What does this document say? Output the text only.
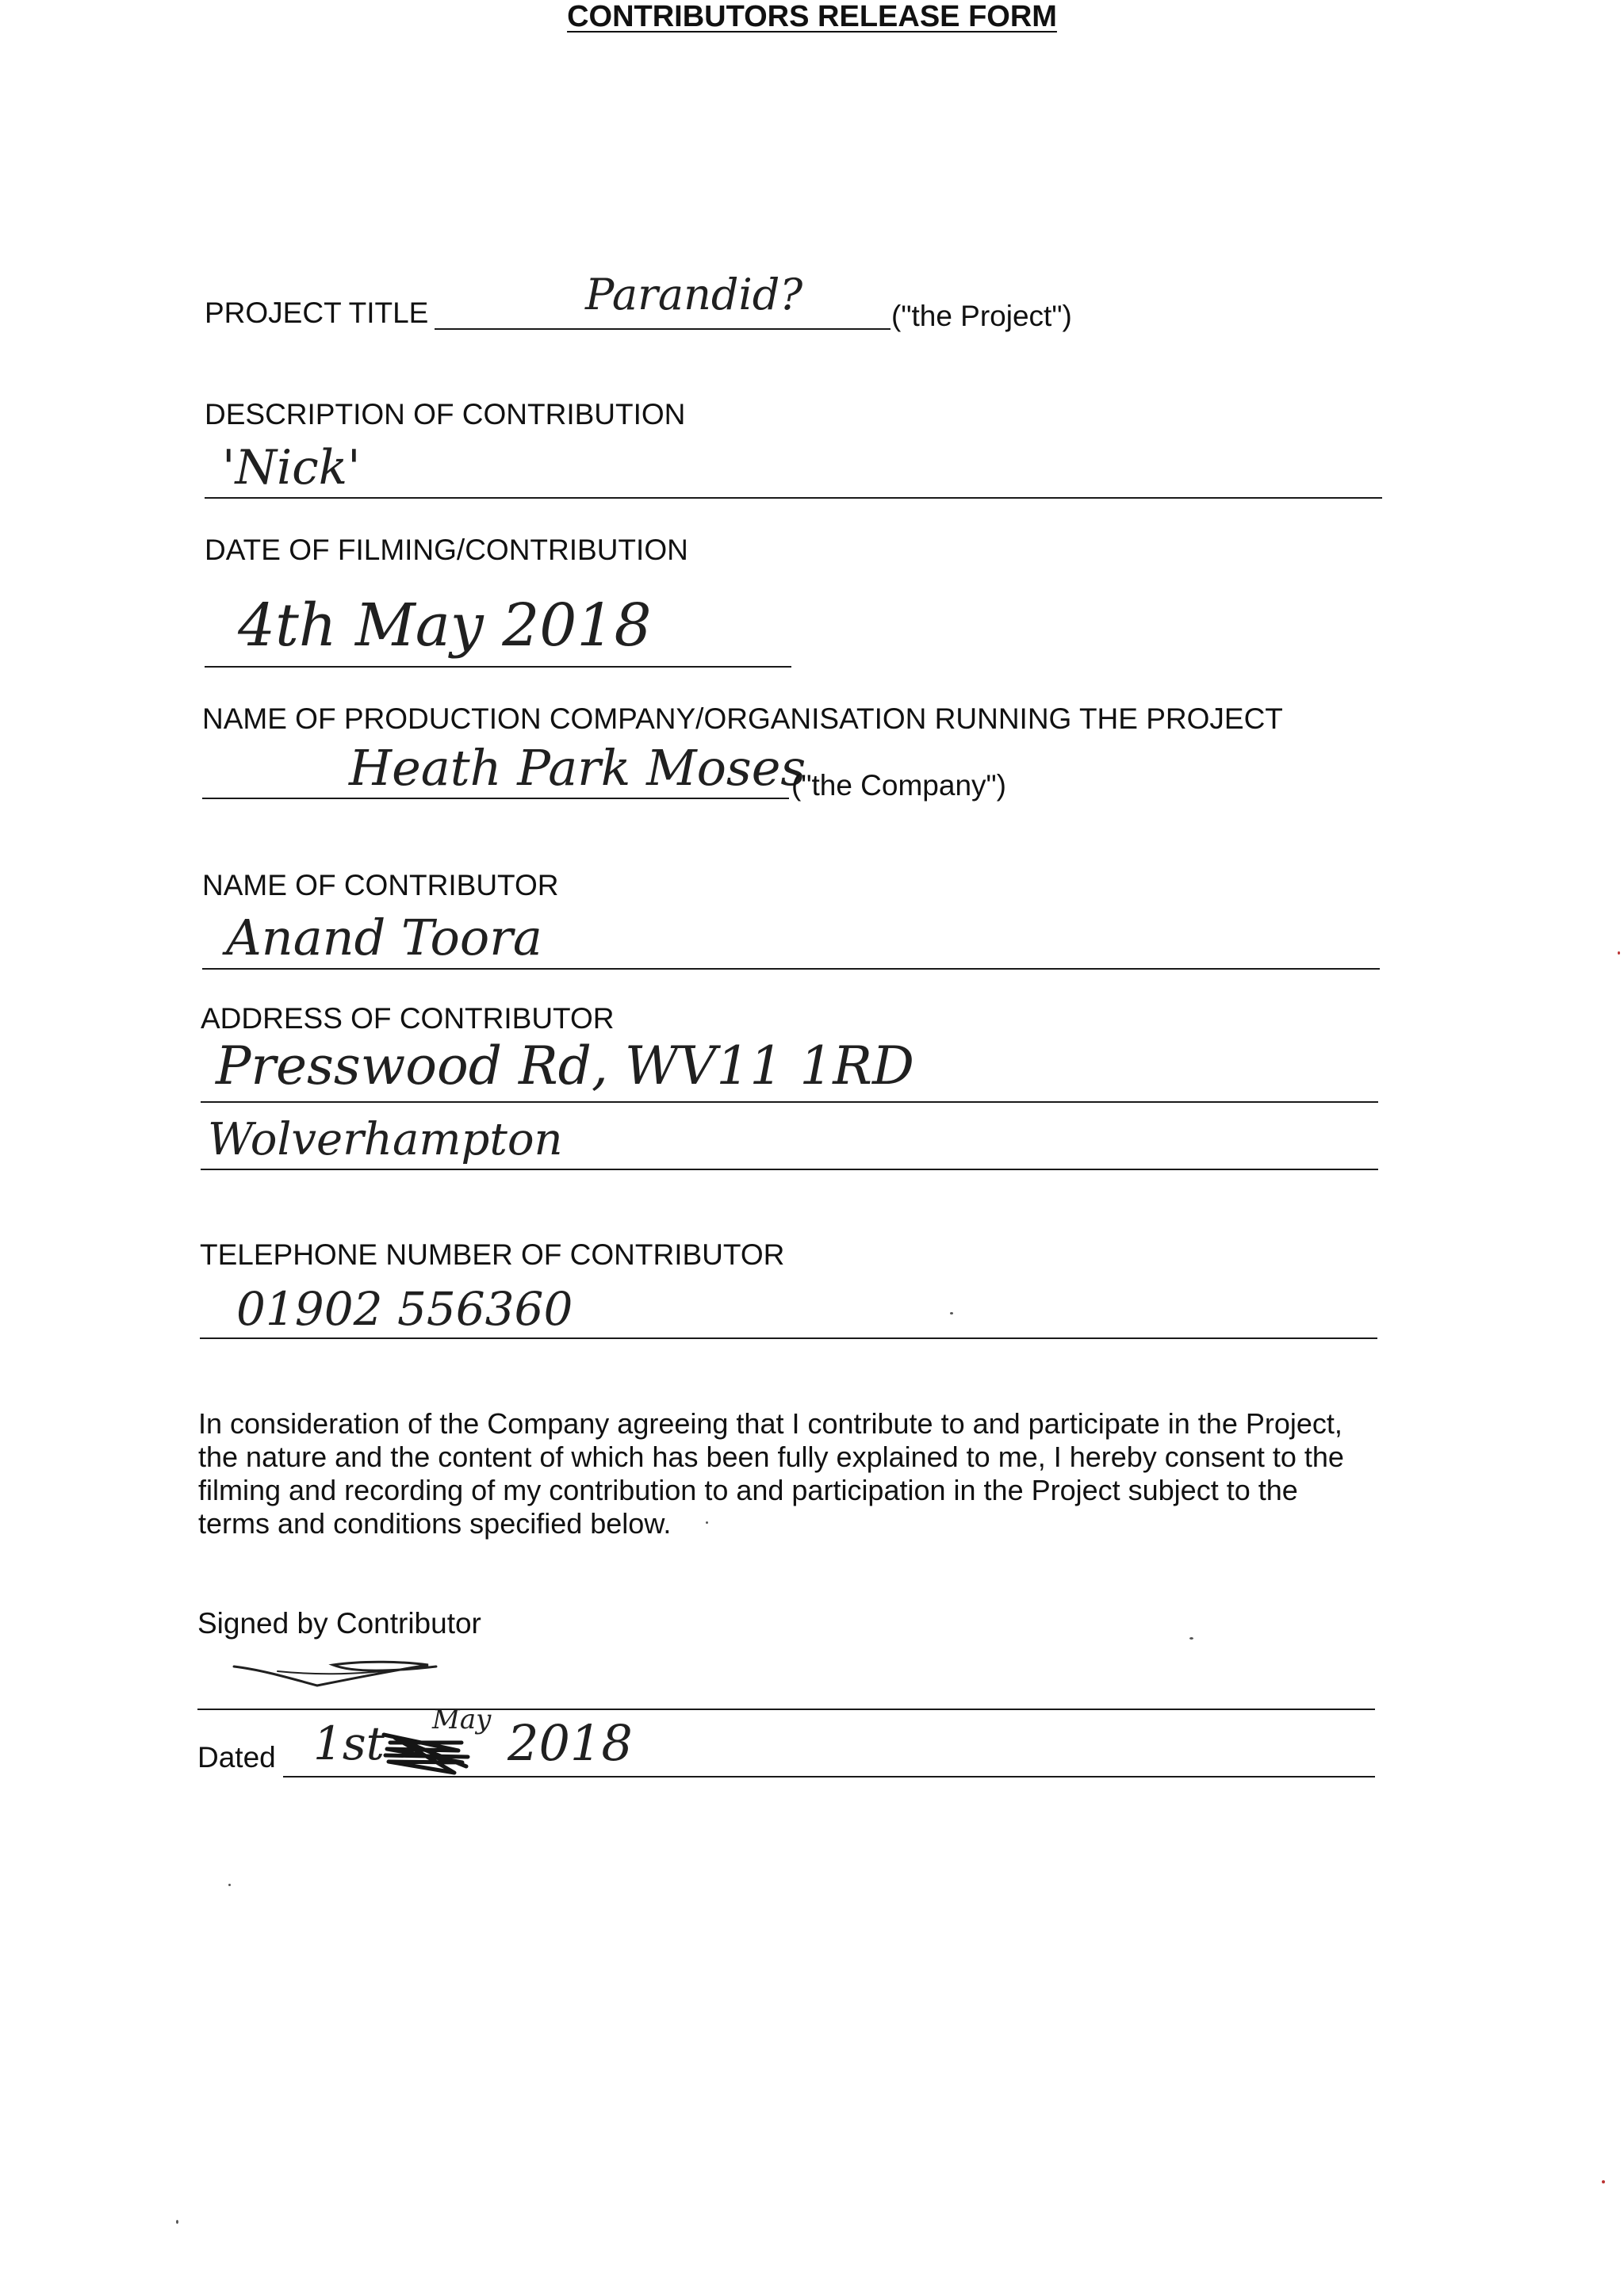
CONTRIBUTORS RELEASE FORM
PROJECT TITLE	Parandid?	("the Project")
DESCRIPTION OF CONTRIBUTION
'Nick'
DATE OF FILMING/CONTRIBUTION
4th May 2018
NAME OF PRODUCTION COMPANY/ORGANISATION RUNNING THE PROJECT
Heath Park Moses
("the Company")
NAME OF CONTRIBUTOR
Anand Toora
ADDRESS OF CONTRIBUTOR
Presswood Rd, WV11 1RD
Wolverhampton
TELEPHONE NUMBER OF CONTRIBUTOR
01902 556360
In consideration of the Company agreeing that I contribute to and participate in the Project,
the nature and the content of which has been fully explained to me, I hereby consent to the
filming and recording of my contribution to and participation in the Project subject to the
terms and conditions specified below.
Signed by Contributor
Dated 1st May 2018
